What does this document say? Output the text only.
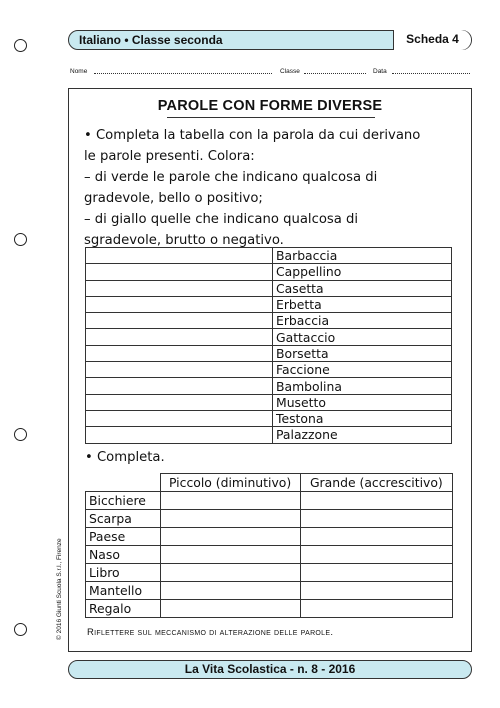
Italiano • Classe seconda	Scheda 4
Nome	Classe	Data
PAROLE CON FORME DIVERSE
• Completa la tabella con la parola da cui derivano
le parole presenti. Colora:
– di verde le parole che indicano qualcosa di
gradevole, bello o positivo;
– di giallo quelle che indicano qualcosa di
sgradevole, brutto o negativo.
	Barbaccia
	Cappellino
	Casetta
	Erbetta
	Erbaccia
	Gattaccio
	Borsetta
	Faccione
	Bambolina
	Musetto
	Testona
	Palazzone
• Completa.
	Piccolo (diminutivo)	Grande (accrescitivo)
Bicchiere		
Scarpa		
Paese		
Naso		
Libro		
Mantello		
Regalo		
Riflettere sul meccanismo di alterazione delle parole.
© 2016 Giunti Scuola S.r.l., Firenze
La Vita Scolastica - n. 8 - 2016
